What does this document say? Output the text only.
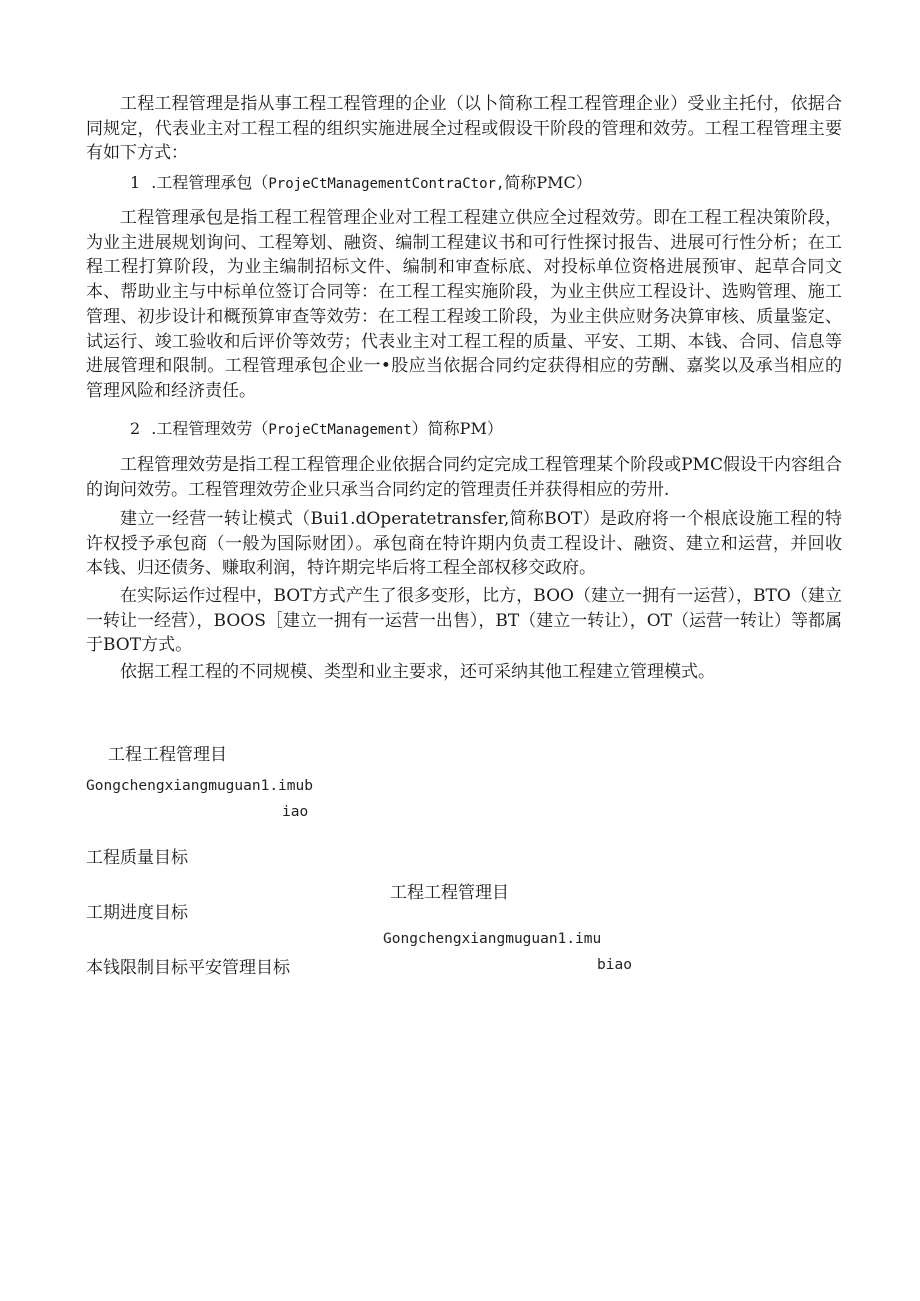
工程工程管理是指从事工程工程管理的企业（以卜简称工程工程管理企业）受业主托付，依据合同规定，代表业主对工程工程的组织实施进展全过程或假设干阶段的管理和效劳。工程工程管理主要有如下方式：

1 .工程管理承包（ProjeCtManagementContraCtor,简称PMC）

工程管理承包是指工程工程管理企业对工程工程建立供应全过程效劳。即在工程工程决策阶段，为业主进展规划询问、工程筹划、融资、编制工程建议书和可行性探讨报告、进展可行性分析；在工程工程打算阶段，为业主编制招标文件、编制和审查标底、对投标单位资格进展预审、起草合同文本、帮助业主与中标单位签订合同等：在工程工程实施阶段，为业主供应工程设计、选购管理、施工管理、初步设计和概预算审查等效劳：在工程工程竣工阶段，为业主供应财务决算审核、质量鉴定、试运行、竣工验收和后评价等效劳；代表业主对工程工程的质量、平安、工期、本钱、合同、信息等进展管理和限制。工程管理承包企业一•股应当依据合同约定获得相应的劳酬、嘉奖以及承当相应的管理风险和经济责任。

2 .工程管理效劳（ProjeCtManagement）简称PM）

工程管理效劳是指工程工程管理企业依据合同约定完成工程管理某个阶段或PMC假设干内容组合的询问效劳。工程管理效劳企业只承当合同约定的管理责任并获得相应的劳卅.

建立一经营一转让模式（Bui1.dOperatetransfer,简称BOT）是政府将一个根底设施工程的特许权授予承包商（一般为国际财团）。承包商在特许期内负责工程设计、融资、建立和运营，并回收本钱、归还债务、赚取利润，特许期完毕后将工程全部权移交政府。

在实际运作过程中，BOT方式产生了很多变形，比方，BOO（建立一拥有一运营），BTO（建立一转让一经营），BOOS［建立一拥有一运营一出售），BT（建立一转让），OT（运营一转让）等都属于BOT方式。

依据工程工程的不同规模、类型和业主要求，还可采纳其他工程建立管理模式。

工程工程管理目
Gongchengxiangmuguan1.imub
iao
工程质量目标
工程工程管理目
工期进度目标
Gongchengxiangmuguan1.imu
本钱限制目标平安管理目标	biao
